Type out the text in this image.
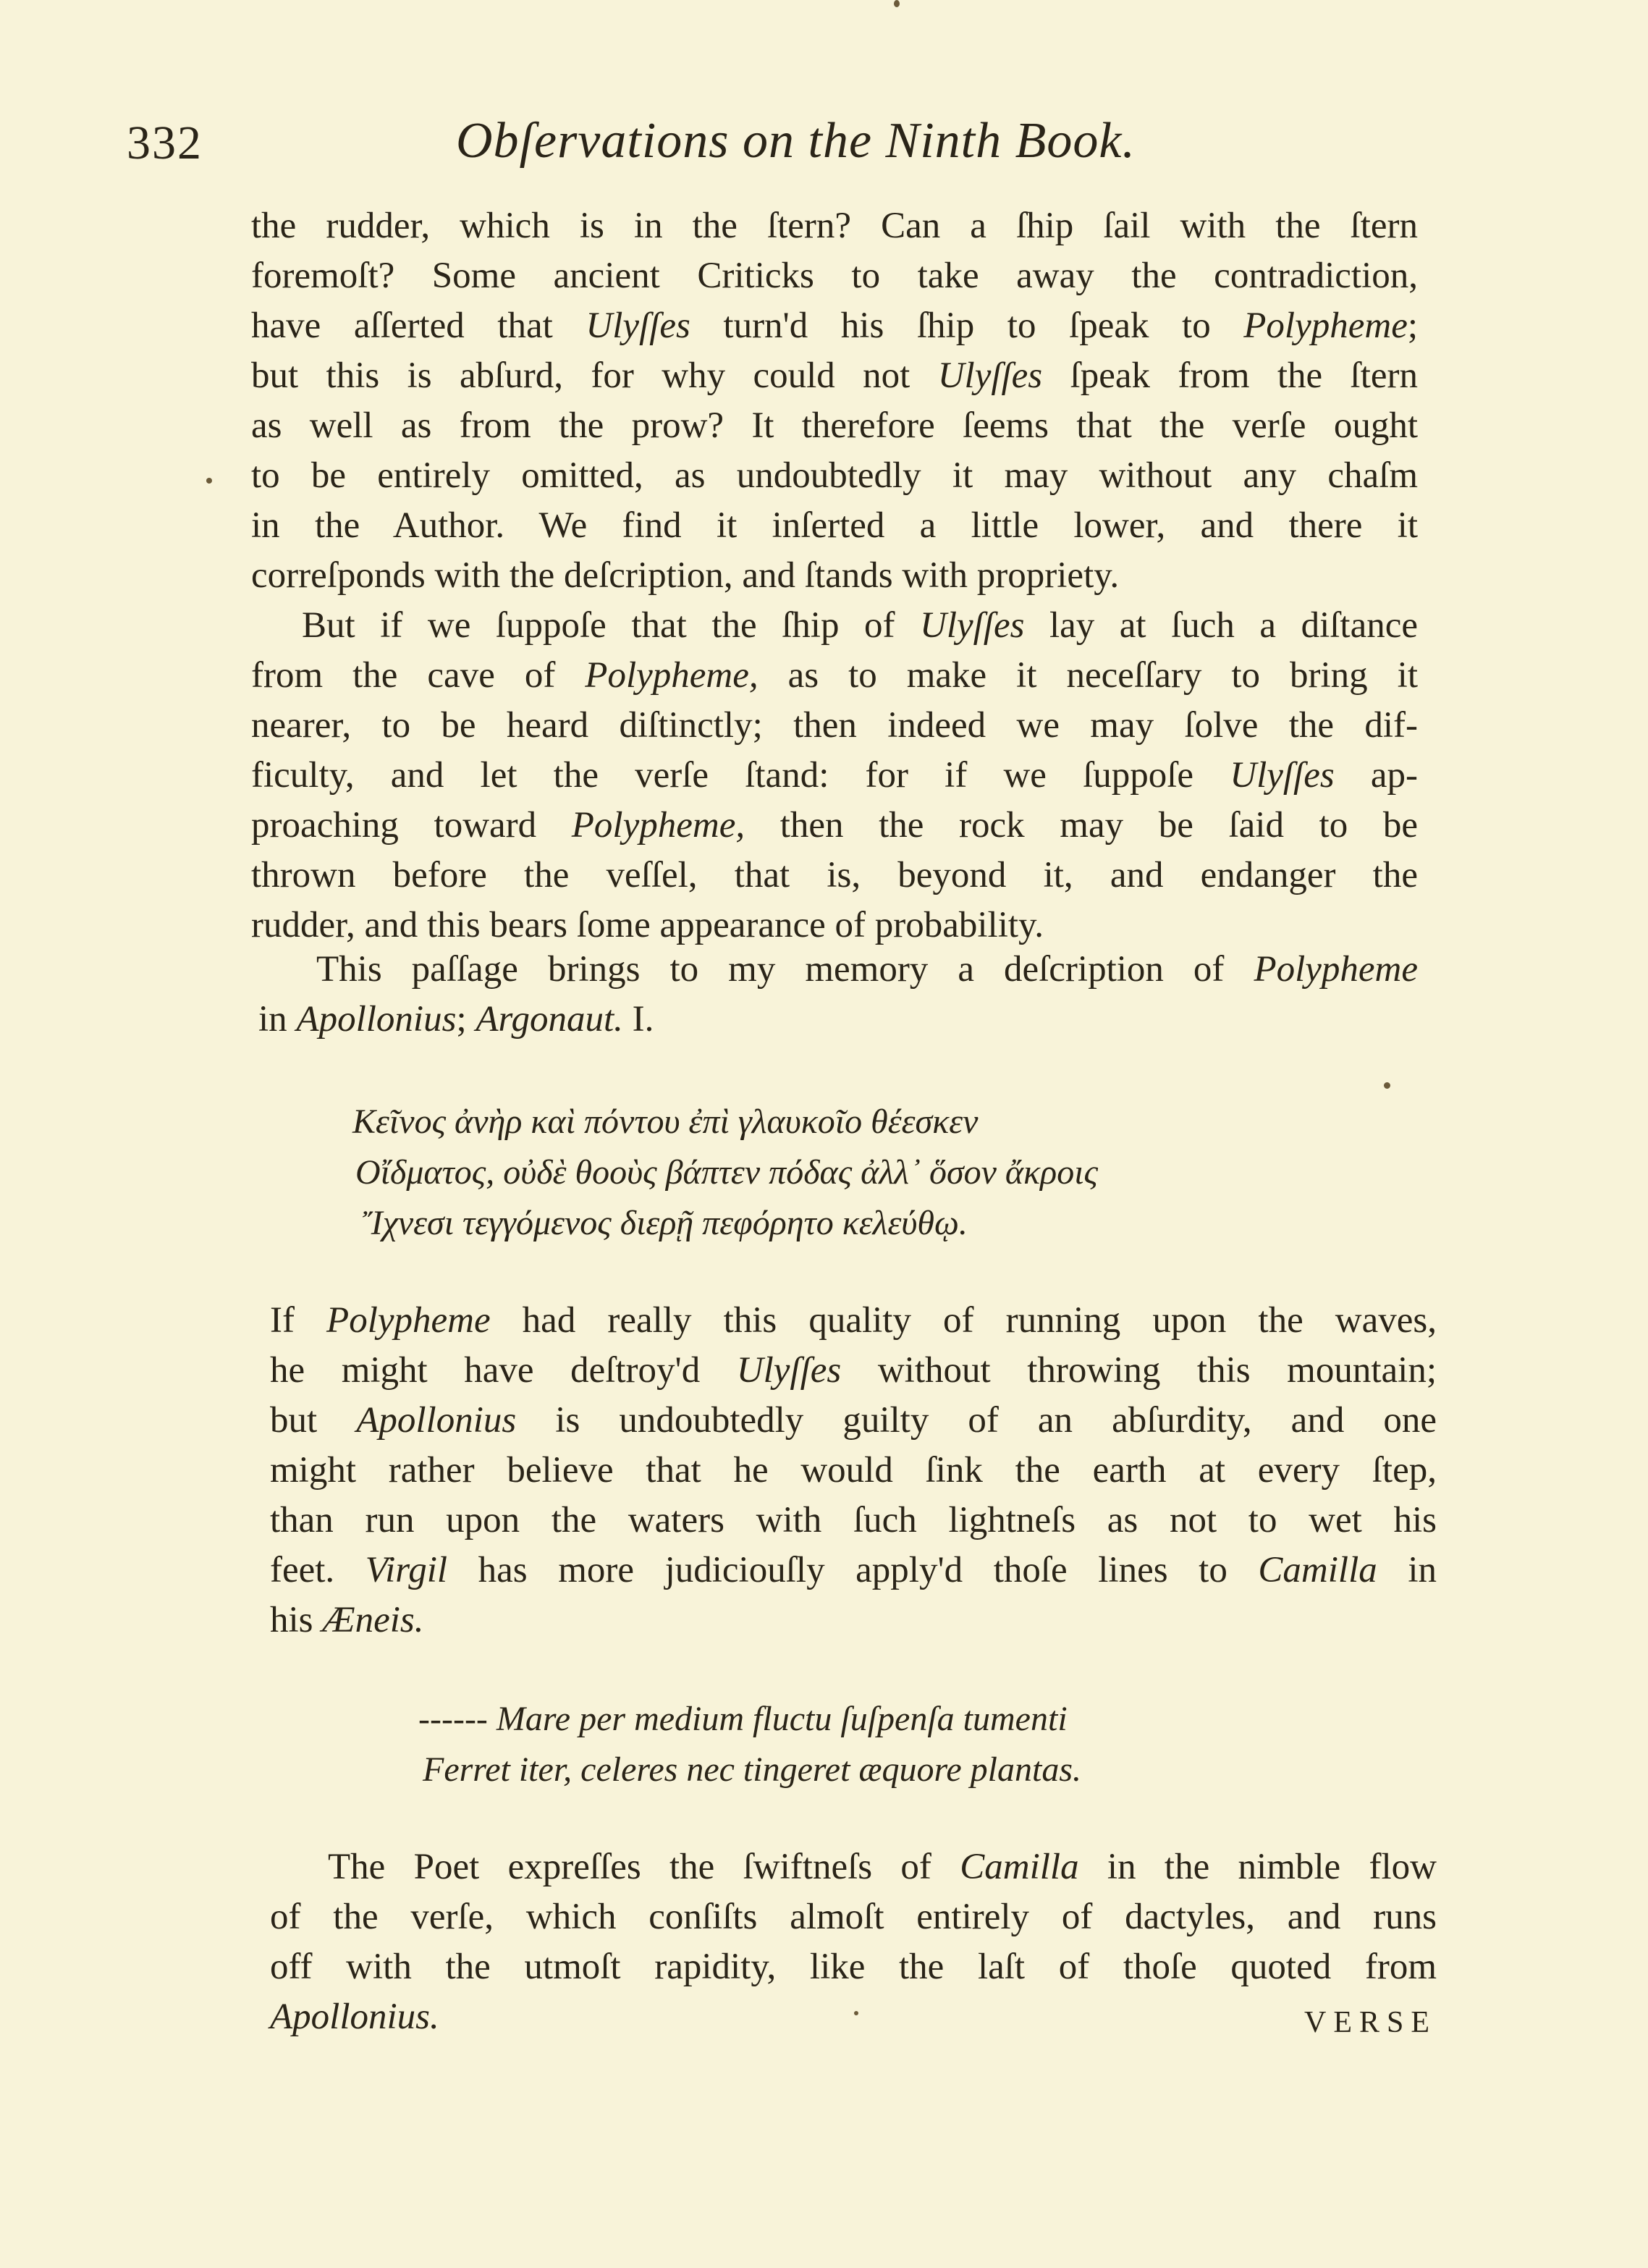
332	Obſervations on the Ninth Book.
the rudder, which is in the ſtern? Can a ſhip ſail with the ſtern
foremoſt? Some ancient Criticks to take away the contradiction,
have aſſerted that Ulyſſes turn'd his ſhip to ſpeak to Polypheme;
but this is abſurd, for why could not Ulyſſes ſpeak from the ſtern
as well as from the prow? It therefore ſeems that the verſe ought
to be entirely omitted, as undoubtedly it may without any chaſm
in the Author. We find it inſerted a little lower, and there it
correſponds with the deſcription, and ſtands with propriety.
But if we ſuppoſe that the ſhip of Ulyſſes lay at ſuch a diſtance
from the cave of Polypheme, as to make it neceſſary to bring it
nearer, to be heard diſtinctly; then indeed we may ſolve the dif-
ficulty, and let the verſe ſtand: for if we ſuppoſe Ulyſſes ap-
proaching toward Polypheme, then the rock may be ſaid to be
thrown before the veſſel, that is, beyond it, and endanger the
rudder, and this bears ſome appearance of probability.
This paſſage brings to my memory a deſcription of Polypheme
in Apollonius; Argonaut. I.
Κεῖνος ἀνὴρ καὶ πόντου ἐπὶ γλαυκοῖο θέεσκεν
Οἴδματος, οὐδὲ θοοὺς βάπτεν πόδας ἀλλ᾽ ὅσον ἄκροις
Ἴχνεσι τεγγόμενος διερῇ πεφόρητο κελεύθῳ.
If Polypheme had really this quality of running upon the waves,
he might have deſtroy'd Ulyſſes without throwing this mountain;
but Apollonius is undoubtedly guilty of an abſurdity, and one
might rather believe that he would ſink the earth at every ſtep,
than run upon the waters with ſuch lightneſs as not to wet his
feet. Virgil has more judiciouſly apply'd thoſe lines to Camilla in
his Æneis.
------ Mare per medium fluctu ſuſpenſa tumenti
Ferret iter, celeres nec tingeret æquore plantas.
The Poet expreſſes the ſwiftneſs of Camilla in the nimble flow
of the verſe, which conſiſts almoſt entirely of dactyles, and runs
off with the utmoſt rapidity, like the laſt of thoſe quoted from
Apollonius.	VERSE
